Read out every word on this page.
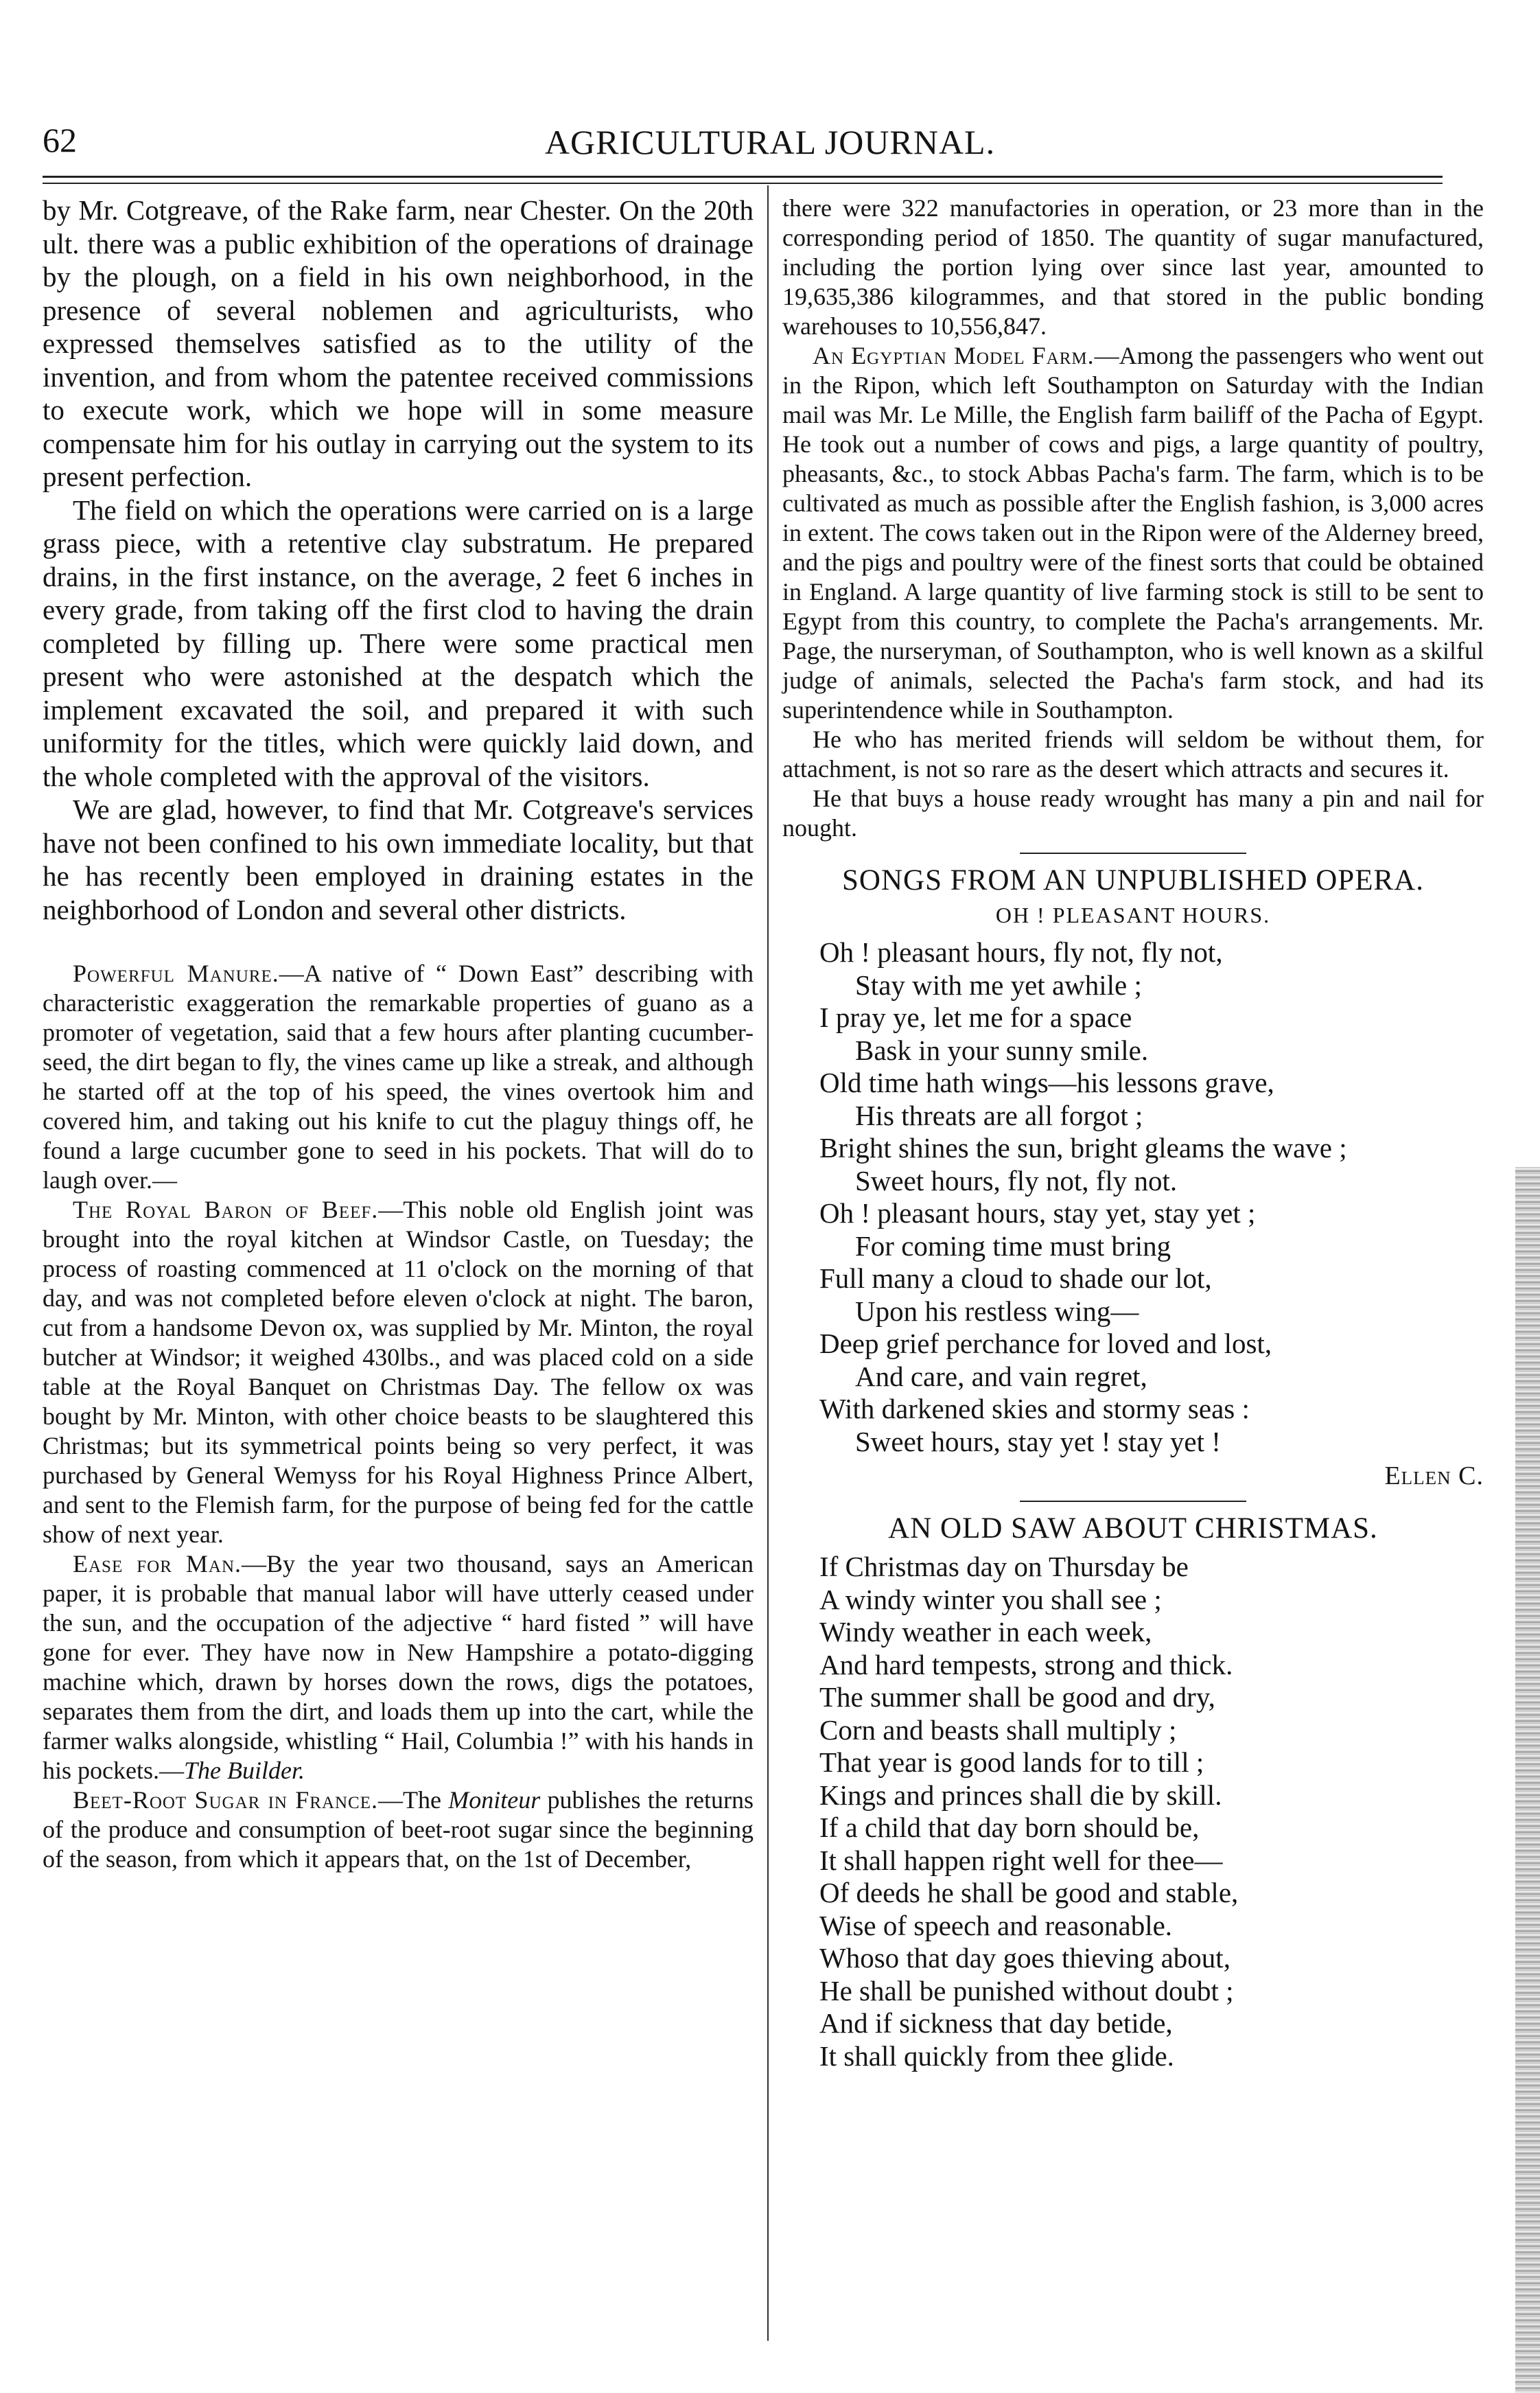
62	AGRICULTURAL JOURNAL.

by Mr. Cotgreave, of the Rake farm, near Chester. On the 20th ult. there was a public exhibition of the operations of drainage by the plough, on a field in his own neighborhood, in the presence of several noblemen and agriculturists, who expressed themselves satisfied as to the utility of the invention, and from whom the patentee received commissions to execute work, which we hope will in some measure compensate him for his outlay in carrying out the system to its present perfection.

The field on which the operations were carried on is a large grass piece, with a retentive clay substratum. He prepared drains, in the first instance, on the average, 2 feet 6 inches in every grade, from taking off the first clod to having the drain completed by filling up. There were some practical men present who were astonished at the despatch which the implement excavated the soil, and prepared it with such uniformity for the titles, which were quickly laid down, and the whole completed with the approval of the visitors.

We are glad, however, to find that Mr. Cotgreave's services have not been confined to his own immediate locality, but that he has recently been employed in draining estates in the neighborhood of London and several other districts.

Powerful Manure.—A native of “ Down East” describing with characteristic exaggeration the remarkable properties of guano as a promoter of vegetation, said that a few hours after planting cucumber-seed, the dirt began to fly, the vines came up like a streak, and although he started off at the top of his speed, the vines overtook him and covered him, and taking out his knife to cut the plaguy things off, he found a large cucumber gone to seed in his pockets. That will do to laugh over.—

The Royal Baron of Beef.—This noble old English joint was brought into the royal kitchen at Windsor Castle, on Tuesday; the process of roasting commenced at 11 o'clock on the morning of that day, and was not completed before eleven o'clock at night. The baron, cut from a handsome Devon ox, was supplied by Mr. Minton, the royal butcher at Windsor; it weighed 430lbs., and was placed cold on a side table at the Royal Banquet on Christmas Day. The fellow ox was bought by Mr. Minton, with other choice beasts to be slaughtered this Christmas; but its symmetrical points being so very perfect, it was purchased by General Wemyss for his Royal Highness Prince Albert, and sent to the Flemish farm, for the purpose of being fed for the cattle show of next year.

Ease for Man.—By the year two thousand, says an American paper, it is probable that manual labor will have utterly ceased under the sun, and the occupation of the adjective “ hard fisted ” will have gone for ever. They have now in New Hampshire a potato-digging machine which, drawn by horses down the rows, digs the potatoes, separates them from the dirt, and loads them up into the cart, while the farmer walks alongside, whistling “ Hail, Columbia !” with his hands in his pockets.—The Builder.

Beet-Root Sugar in France.—The Moniteur publishes the returns of the produce and consumption of beet-root sugar since the beginning of the season, from which it appears that, on the 1st of December,

there were 322 manufactories in operation, or 23 more than in the corresponding period of 1850. The quantity of sugar manufactured, including the portion lying over since last year, amounted to 19,635,386 kilogrammes, and that stored in the public bonding warehouses to 10,556,847.

An Egyptian Model Farm.—Among the passengers who went out in the Ripon, which left Southampton on Saturday with the Indian mail was Mr. Le Mille, the English farm bailiff of the Pacha of Egypt. He took out a number of cows and pigs, a large quantity of poultry, pheasants, &c., to stock Abbas Pacha's farm. The farm, which is to be cultivated as much as possible after the English fashion, is 3,000 acres in extent. The cows taken out in the Ripon were of the Alderney breed, and the pigs and poultry were of the finest sorts that could be obtained in England. A large quantity of live farming stock is still to be sent to Egypt from this country, to complete the Pacha's arrangements. Mr. Page, the nurseryman, of Southampton, who is well known as a skilful judge of animals, selected the Pacha's farm stock, and had its superintendence while in Southampton.

He who has merited friends will seldom be without them, for attachment, is not so rare as the desert which attracts and secures it.

He that buys a house ready wrought has many a pin and nail for nought.

SONGS FROM AN UNPUBLISHED OPERA.
OH ! PLEASANT HOURS.
Oh ! pleasant hours, fly not, fly not,
Stay with me yet awhile ;
I pray ye, let me for a space
Bask in your sunny smile.
Old time hath wings—his lessons grave,
His threats are all forgot ;
Bright shines the sun, bright gleams the wave ;
Sweet hours, fly not, fly not.
Oh ! pleasant hours, stay yet, stay yet ;
For coming time must bring
Full many a cloud to shade our lot,
Upon his restless wing—
Deep grief perchance for loved and lost,
And care, and vain regret,
With darkened skies and stormy seas :
Sweet hours, stay yet ! stay yet !
Ellen C.
AN OLD SAW ABOUT CHRISTMAS.
If Christmas day on Thursday be
A windy winter you shall see ;
Windy weather in each week,
And hard tempests, strong and thick.
The summer shall be good and dry,
Corn and beasts shall multiply ;
That year is good lands for to till ;
Kings and princes shall die by skill.
If a child that day born should be,
It shall happen right well for thee—
Of deeds he shall be good and stable,
Wise of speech and reasonable.
Whoso that day goes thieving about,
He shall be punished without doubt ;
And if sickness that day betide,
It shall quickly from thee glide.
